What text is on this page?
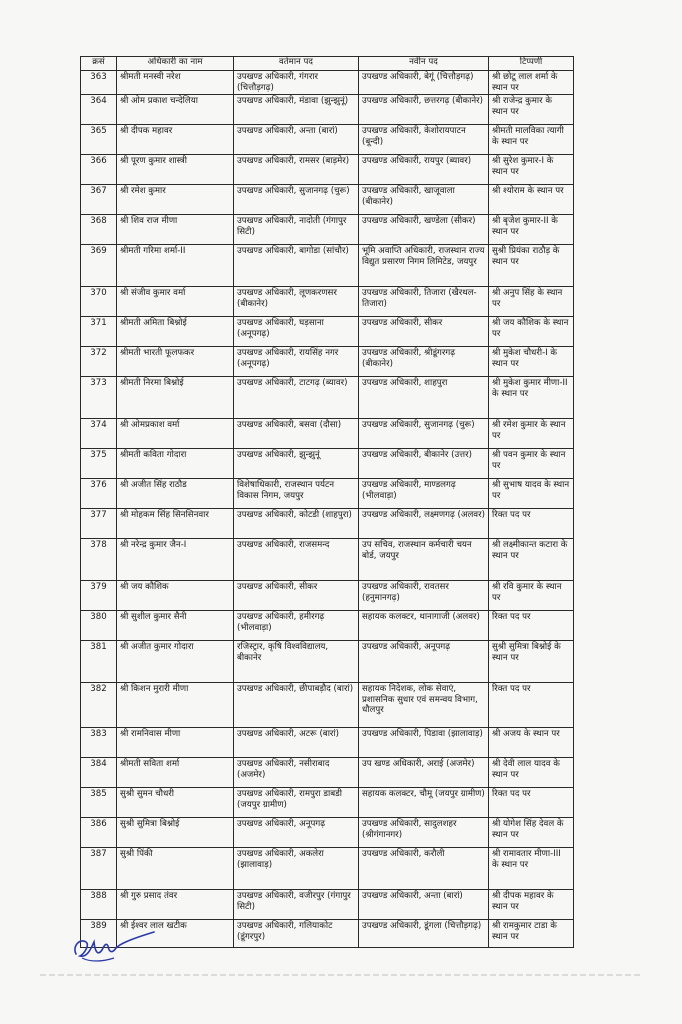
क्रसं	अधिकारी का नाम	वर्तमान पद	नवीन पद	टिप्पणी
363	श्रीमती मनस्वी नरेश	उपखण्ड अधिकारी, गंगरार (चित्तौड़गढ़)	उपखण्ड अधिकारी, बेगूं (चित्तौड़गढ़)	श्री छोटू लाल शर्मा के स्थान पर
364	श्री ओम प्रकाश चन्देलिया	उपखण्ड अधिकारी, मंडावा (झुन्झुनूं)	उपखण्ड अधिकारी, छत्तरगढ़ (बीकानेर)	श्री राजेन्द्र कुमार के स्थान पर
365	श्री दीपक महावर	उपखण्ड अधिकारी, अन्ता (बारां)	उपखण्ड अधिकारी, केशोरायपाटन (बून्दी)	श्रीमती मालविका त्यागी के स्थान पर
366	श्री पूरण कुमार शास्त्री	उपखण्ड अधिकारी, रामसर (बाड़मेर)	उपखण्ड अधिकारी, रायपुर (ब्यावर)	श्री सुरेश कुमार-I के स्थान पर
367	श्री रमेश कुमार	उपखण्ड अधिकारी, सुजानगढ़ (चुरू)	उपखण्ड अधिकारी, खाजूवाला (बीकानेर)	श्री श्योराम के स्थान पर
368	श्री शिव राज मीणा	उपखण्ड अधिकारी, नादोती (गंगापुर सिटी)	उपखण्ड अधिकारी, खण्डेला (सीकर)	श्री बृजेश कुमार-II के स्थान पर
369	श्रीमती गरिमा शर्मा-II	उपखण्ड अधिकारी, बागोडा (सांचौर)	भूमि अवाप्ति अधिकारी, राजस्थान राज्य विद्युत प्रसारण निगम लिमिटेड, जयपुर	सुश्री प्रियंका राठौड़ के स्थान पर
370	श्री संजीव कुमार वर्मा	उपखण्ड अधिकारी, लूणकरणसर (बीकानेर)	उपखण्ड अधिकारी, तिजारा (खैरथल-तिजारा)	श्री अनुप सिंह के स्थान पर
371	श्रीमती अमिता बिश्नोई	उपखण्ड अधिकारी, घड़साना (अनूपगढ़)	उपखण्ड अधिकारी, सीकर	श्री जय कौशिक के स्थान पर
372	श्रीमती भारती फूलफकर	उपखण्ड अधिकारी, रायसिंह नगर (अनूपगढ़)	उपखण्ड अधिकारी, श्रीडूंगरगढ़ (बीकानेर)	श्री मुकेश चौधरी-I के स्थान पर
373	श्रीमती निरमा बिश्नोई	उपखण्ड अधिकारी, टाटगढ़ (ब्यावर)	उपखण्ड अधिकारी, शाहपुरा	श्री मुकेश कुमार मीणा-II के स्थान पर
374	श्री ओमप्रकाश वर्मा	उपखण्ड अधिकारी, बसवा (दौसा)	उपखण्ड अधिकारी, सुजानगढ़ (चुरू)	श्री रमेश कुमार के स्थान पर
375	श्रीमती कविता गोदारा	उपखण्ड अधिकारी, झुन्झुनूं	उपखण्ड अधिकारी, बीकानेर (उत्तर)	श्री पवन कुमार के स्थान पर
376	श्री अजीत सिंह राठौड	विशेषाधिकारी, राजस्थान पर्यटन विकास निगम, जयपुर	उपखण्ड अधिकारी, माण्डलगढ़ (भीलवाड़ा)	श्री सुभाष यादव के स्थान पर
377	श्री मोहकम सिंह सिनसिनवार	उपखण्ड अधिकारी, कोटडी (शाहपुरा)	उपखण्ड अधिकारी, लक्ष्मणगढ़ (अलवर)	रिक्त पद पर
378	श्री नरेन्द्र कुमार जैन-I	उपखण्ड अधिकारी, राजसमन्द	उप सचिव, राजस्थान कर्मचारी चयन बोर्ड, जयपुर	श्री लक्ष्मीकान्त कटारा के स्थान पर
379	श्री जय कौशिक	उपखण्ड अधिकारी, सीकर	उपखण्ड अधिकारी, रावतसर (हनुमानगढ़)	श्री रवि कुमार के स्थान पर
380	श्री सुशील कुमार सैनी	उपखण्ड अधिकारी, हमीरगढ़ (भीलवाड़ा)	सहायक कलक्टर, थानागाजी (अलवर)	रिक्त पद पर
381	श्री अजीत कुमार गोदारा	रजिस्ट्रार, कृषि विश्वविद्यालय, बीकानेर	उपखण्ड अधिकारी, अनूपगढ़	सुश्री सुमित्रा बिश्नोई के स्थान पर
382	श्री किशन मुरारी मीणा	उपखण्ड अधिकारी, छीपाबड़ौद (बारां)	सहायक निदेशक, लोक सेवाएं, प्रशासनिक सुधार एवं समन्वय विभाग, धौलपुर	रिक्त पद पर
383	श्री रामनिवास मीणा	उपखण्ड अधिकारी, अटरू (बारां)	उपखण्ड अधिकारी, पिडावा (झालावाड़)	श्री अजय के स्थान पर
384	श्रीमती सविता शर्मा	उपखण्ड अधिकारी, नसीराबाद (अजमेर)	उप खण्ड अधिकारी, अराई (अजमेर)	श्री देवी लाल यादव के स्थान पर
385	सुश्री सुमन चौधरी	उपखण्ड अधिकारी, रामपुरा डाबडी (जयपुर ग्रामीण)	सहायक कलक्टर, चौमू (जयपुर ग्रामीण)	रिक्त पद पर
386	सुश्री सुमित्रा बिश्नोई	उपखण्ड अधिकारी, अनूपगढ़	उपखण्ड अधिकारी, सादुलशहर (श्रीगंगानगर)	श्री योगेश सिंह देवल के स्थान पर
387	सुश्री पिंकी	उपखण्ड अधिकारी, अकलेरा (झालावाड़)	उपखण्ड अधिकारी, करौली	श्री रामावतार मीणा-III के स्थान पर
388	श्री गुरु प्रसाद तंवर	उपखण्ड अधिकारी, वजीरपुर (गंगापुर सिटी)	उपखण्ड अधिकारी, अन्ता (बारां)	श्री दीपक महावर के स्थान पर
389	श्री ईश्वर लाल खटीक	उपखण्ड अधिकारी, गलियाकोट (डूंगरपुर)	उपखण्ड अधिकारी, डूंगला (चित्तौड़गढ़)	श्री रामकुमार टाडा के स्थान पर
